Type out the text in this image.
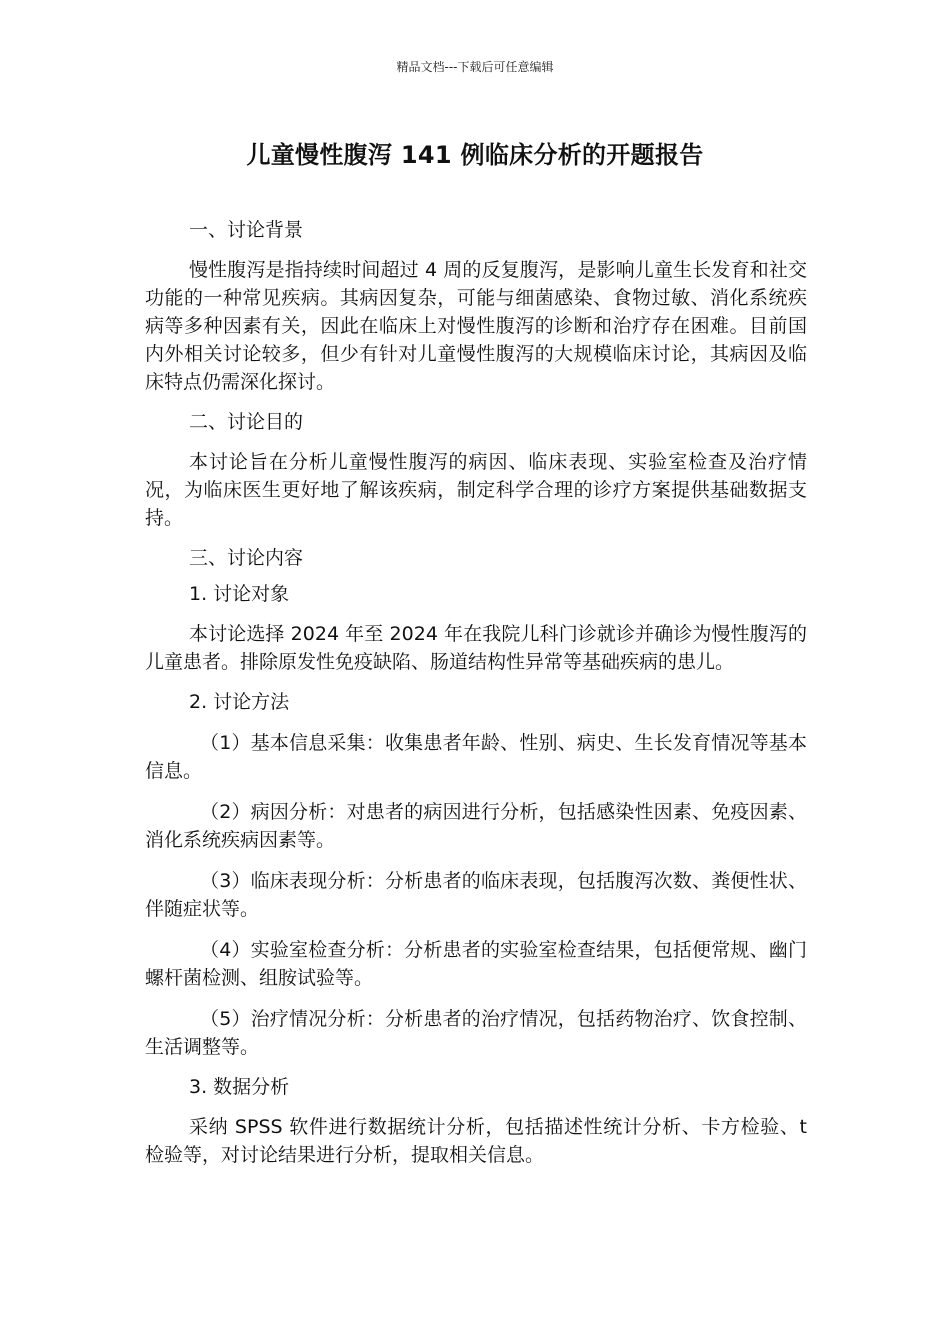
精品文档---下载后可任意编辑
儿童慢性腹泻 141 例临床分析的开题报告

一、讨论背景

慢性腹泻是指持续时间超过 4 周的反复腹泻，是影响儿童生长发育和社交功能的一种常见疾病。其病因复杂，可能与细菌感染、食物过敏、消化系统疾病等多种因素有关，因此在临床上对慢性腹泻的诊断和治疗存在困难。目前国内外相关讨论较多，但少有针对儿童慢性腹泻的大规模临床讨论，其病因及临床特点仍需深化探讨。

二、讨论目的

本讨论旨在分析儿童慢性腹泻的病因、临床表现、实验室检查及治疗情况，为临床医生更好地了解该疾病，制定科学合理的诊疗方案提供基础数据支持。

三、讨论内容

1. 讨论对象

本讨论选择 2024 年至 2024 年在我院儿科门诊就诊并确诊为慢性腹泻的儿童患者。排除原发性免疫缺陷、肠道结构性异常等基础疾病的患儿。

2. 讨论方法

（1）基本信息采集：收集患者年龄、性别、病史、生长发育情况等基本信息。

（2）病因分析：对患者的病因进行分析，包括感染性因素、免疫因素、消化系统疾病因素等。

（3）临床表现分析：分析患者的临床表现，包括腹泻次数、粪便性状、伴随症状等。

（4）实验室检查分析：分析患者的实验室检查结果，包括便常规、幽门螺杆菌检测、组胺试验等。

（5）治疗情况分析：分析患者的治疗情况，包括药物治疗、饮食控制、生活调整等。

3. 数据分析

采纳 SPSS 软件进行数据统计分析，包括描述性统计分析、卡方检验、t 检验等，对讨论结果进行分析，提取相关信息。
